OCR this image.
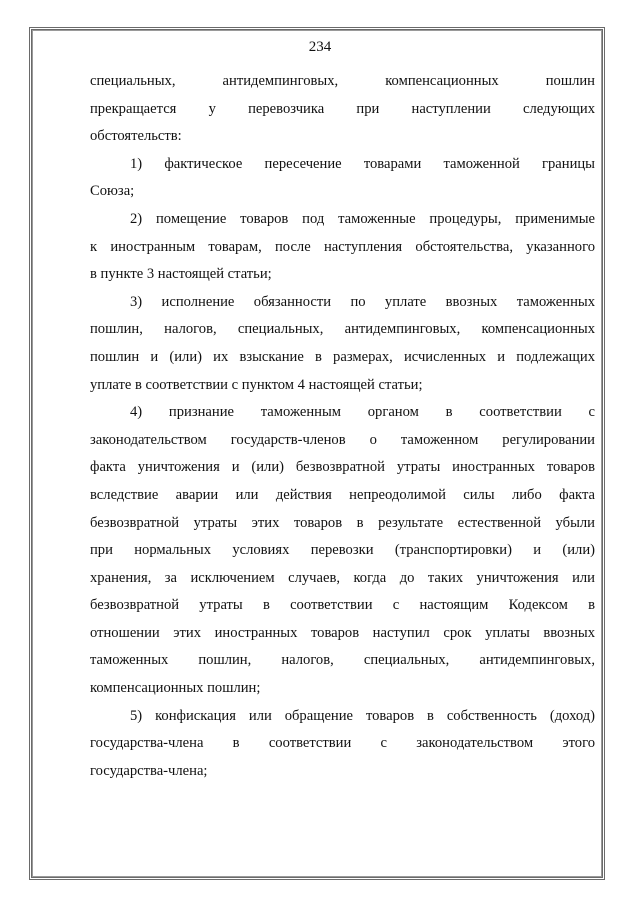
234
специальных, антидемпинговых, компенсационных пошлин
прекращается у перевозчика при наступлении следующих
обстоятельств:
1) фактическое пересечение товарами таможенной границы
Союза;
2) помещение товаров под таможенные процедуры, применимые
к иностранным товарам, после наступления обстоятельства, указанного
в пункте 3 настоящей статьи;
3) исполнение обязанности по уплате ввозных таможенных
пошлин, налогов, специальных, антидемпинговых, компенсационных
пошлин и (или) их взыскание в размерах, исчисленных и подлежащих
уплате в соответствии с пунктом 4 настоящей статьи;
4) признание таможенным органом в соответствии с
законодательством государств-членов о таможенном регулировании
факта уничтожения и (или) безвозвратной утраты иностранных товаров
вследствие аварии или действия непреодолимой силы либо факта
безвозвратной утраты этих товаров в результате естественной убыли
при нормальных условиях перевозки (транспортировки) и (или)
хранения, за исключением случаев, когда до таких уничтожения или
безвозвратной утраты в соответствии с настоящим Кодексом в
отношении этих иностранных товаров наступил срок уплаты ввозных
таможенных пошлин, налогов, специальных, антидемпинговых,
компенсационных пошлин;
5) конфискация или обращение товаров в собственность (доход)
государства-члена в соответствии с законодательством этого
государства-члена;
